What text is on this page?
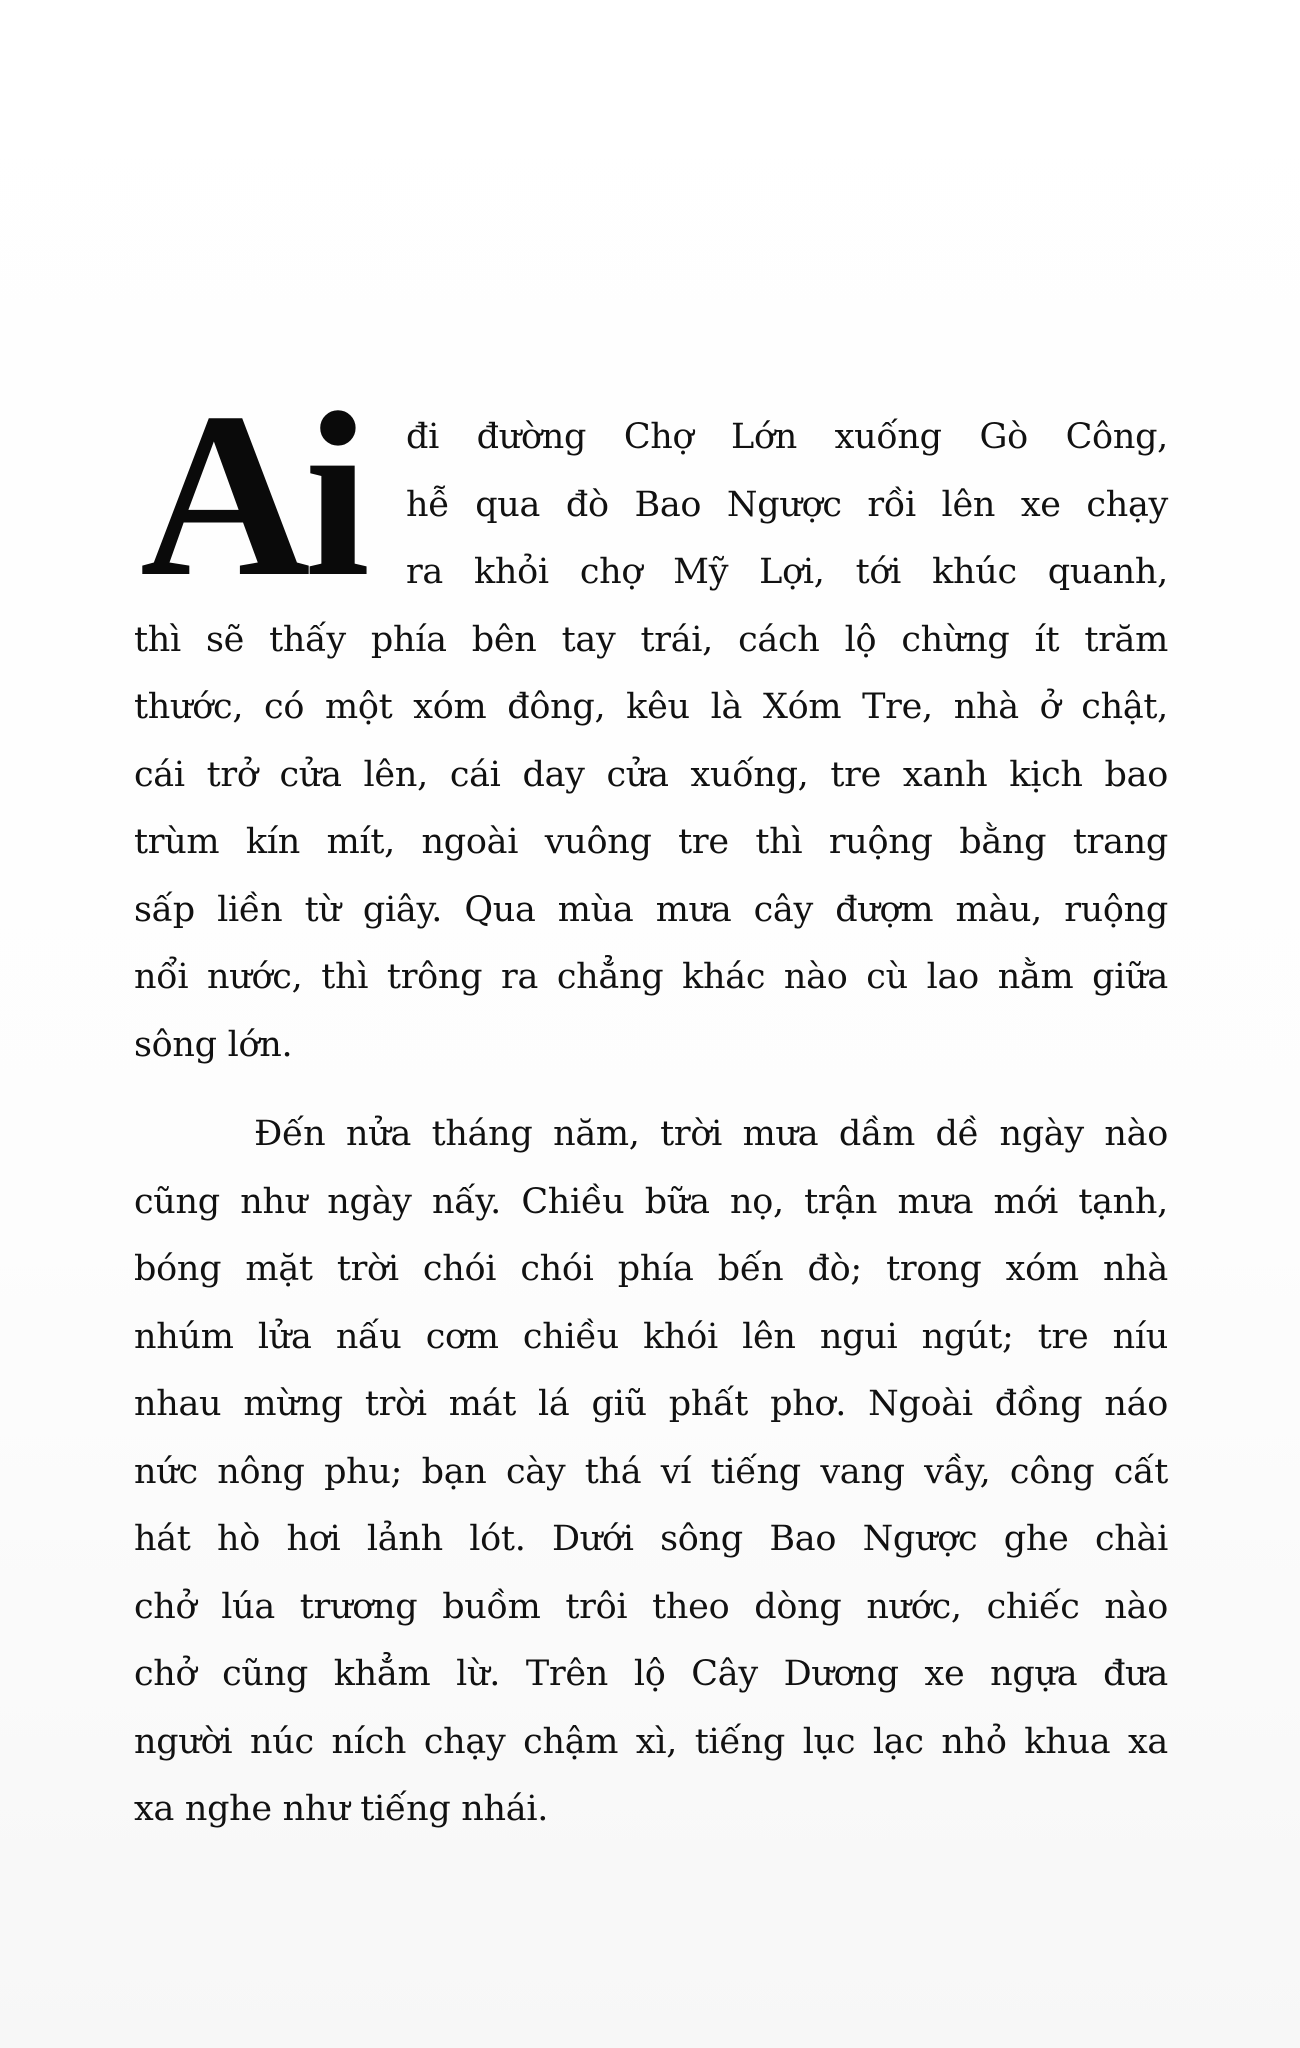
Ai	đi đường Chợ Lớn xuống Gò Công,
hễ qua đò Bao Ngược rồi lên xe chạy
ra khỏi chợ Mỹ Lợi, tới khúc quanh,
thì sẽ thấy phía bên tay trái, cách lộ chừng ít trăm
thước, có một xóm đông, kêu là Xóm Tre, nhà ở chật,
cái trở cửa lên, cái day cửa xuống, tre xanh kịch bao
trùm kín mít, ngoài vuông tre thì ruộng bằng trang
sấp liền từ giây. Qua mùa mưa cây đượm màu, ruộng
nổi nước, thì trông ra chẳng khác nào cù lao nằm giữa
sông lớn.
Đến nửa tháng năm, trời mưa dầm dề ngày nào
cũng như ngày nấy. Chiều bữa nọ, trận mưa mới tạnh,
bóng mặt trời chói chói phía bến đò; trong xóm nhà
nhúm lửa nấu cơm chiều khói lên ngui ngút; tre níu
nhau mừng trời mát lá giũ phất phơ. Ngoài đồng náo
nức nông phu; bạn cày thá ví tiếng vang vầy, công cất
hát hò hơi lảnh lót. Dưới sông Bao Ngược ghe chài
chở lúa trương buồm trôi theo dòng nước, chiếc nào
chở cũng khẳm lừ. Trên lộ Cây Dương xe ngựa đưa
người núc ních chạy chậm xì, tiếng lục lạc nhỏ khua xa
xa nghe như tiếng nhái.
